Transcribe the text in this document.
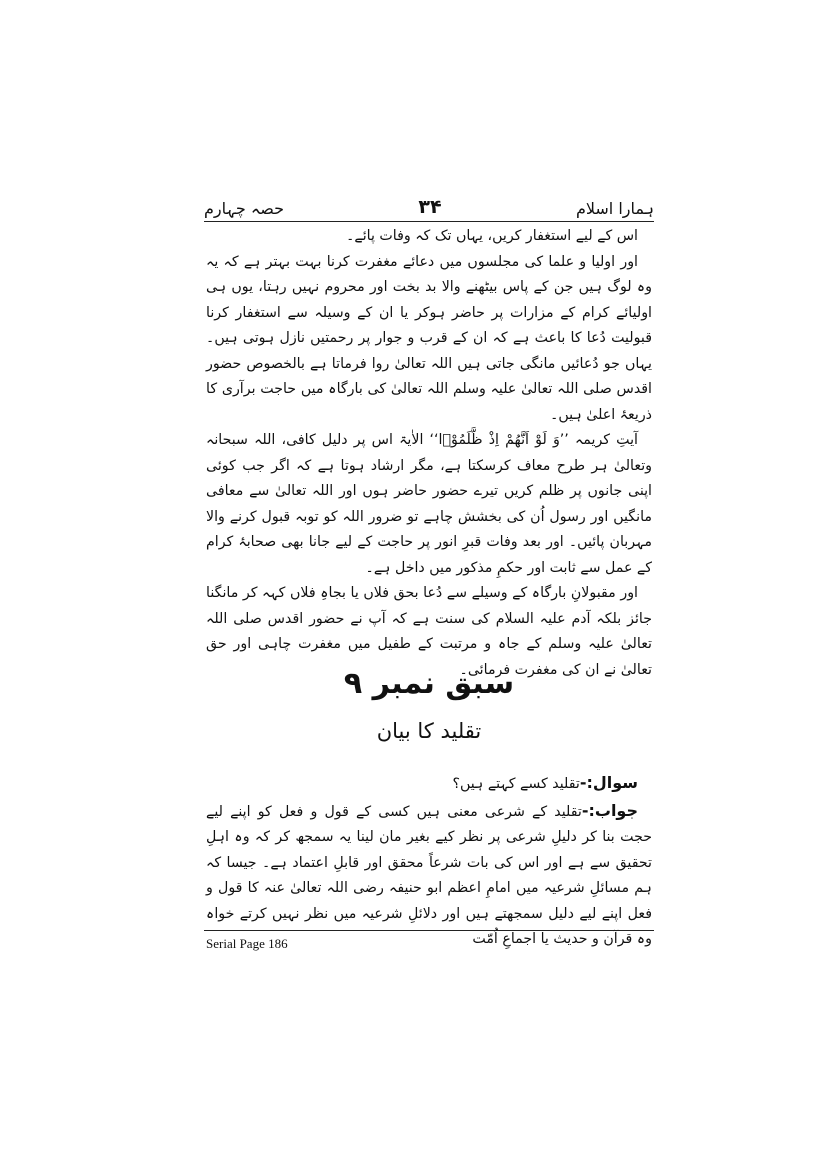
ہمارا اسلام
۳۴
حصہ چہارم

اس کے لیے استغفار کریں، یہاں تک کہ وفات پائے۔

اور اولیا و علما کی مجلسوں میں دعائے مغفرت کرنا بہت بہتر ہے کہ یہ وہ لوگ ہیں جن کے پاس بیٹھنے والا بد بخت اور محروم نہیں رہتا، یوں ہی اولیائے کرام کے مزارات پر حاضر ہوکر یا ان کے وسیلہ سے استغفار کرنا قبولیت دُعا کا باعث ہے کہ ان کے قرب و جوار پر رحمتیں نازل ہوتی ہیں۔ یہاں جو دُعائیں مانگی جاتی ہیں اللہ تعالیٰ روا فرماتا ہے بالخصوص حضور اقدس صلی اللہ تعالیٰ علیہ وسلم اللہ تعالیٰ کی بارگاہ میں حاجت برآری کا ذریعۂ اعلیٰ ہیں۔

آیتِ کریمہ ’’وَ لَوْ اَنَّهُمْ اِذْ ظَّلَمُوْۤا‘‘ الاٰیۃ اس پر دلیل کافی، اللہ سبحانہ وتعالیٰ ہر طرح معاف کرسکتا ہے، مگر ارشاد ہوتا ہے کہ اگر جب کوئی اپنی جانوں پر ظلم کریں تیرے حضور حاضر ہوں اور اللہ تعالیٰ سے معافی مانگیں اور رسول اُن کی بخشش چاہے تو ضرور اللہ کو توبہ قبول کرنے والا مہربان پائیں۔ اور بعد وفات قبرِ انور پر حاجت کے لیے جانا بھی صحابۂ کرام کے عمل سے ثابت اور حکمِ مذکور میں داخل ہے۔

اور مقبولانِ بارگاہ کے وسیلے سے دُعا بحق فلاں یا بجاہِ فلاں کہہ کر مانگنا جائز بلکہ آدم علیہ السلام کی سنت ہے کہ آپ نے حضور اقدس صلی اللہ تعالیٰ علیہ وسلم کے جاہ و مرتبت کے طفیل میں مغفرت چاہی اور حق تعالیٰ نے ان کی مغفرت فرمائی۔

سبق نمبر ۹
تقلید کا بیان

سوال:-تقلید کسے کہتے ہیں؟

جواب:-تقلید کے شرعی معنی ہیں کسی کے قول و فعل کو اپنے لیے حجت بنا کر دلیلِ شرعی پر نظر کیے بغیر مان لینا یہ سمجھ کر کہ وہ اہلِ تحقیق سے ہے اور اس کی بات شرعاً محقق اور قابلِ اعتماد ہے۔ جیسا کہ ہم مسائلِ شرعیہ میں امامِ اعظم ابو حنیفہ رضی اللہ تعالیٰ عنہ کا قول و فعل اپنے لیے دلیل سمجھتے ہیں اور دلائلِ شرعیہ میں نظر نہیں کرتے خواہ وہ قرآن و حدیث یا اجماعِ اُمّت

Serial Page 186
